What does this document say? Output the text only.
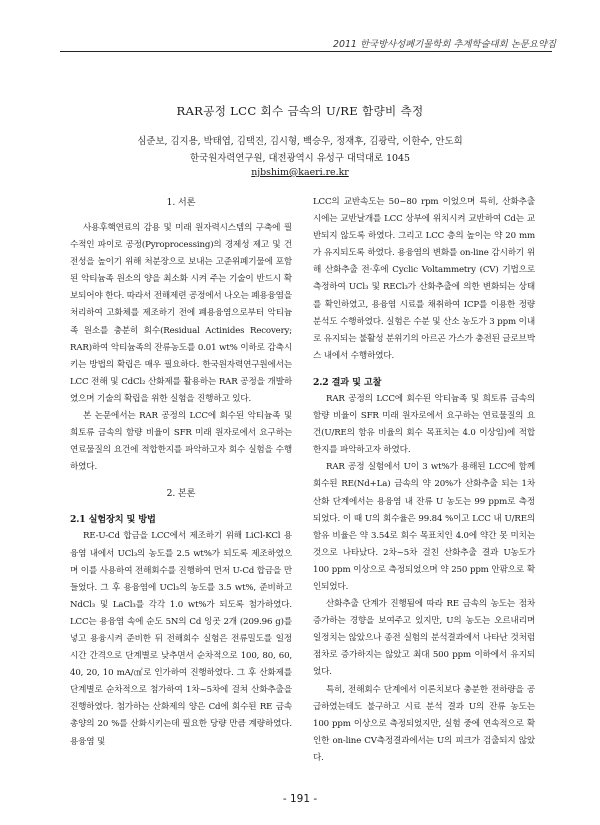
2011 한국방사성폐기물학회 추계학술대회 논문요약집
RAR공정 LCC 회수 금속의 U/RE 함량비 측정
심준보, 김지용, 박태엽, 김택진, 김시형, 백승우, 정재후, 김광락, 이한수, 안도희
한국원자력연구원, 대전광역시 유성구 대덕대로 1045
njbshim@kaeri.re.kr
1. 서론

사용후핵연료의 감용 및 미래 원자력시스템의 구축에 필수적인 파이로 공정(Pyroprocessing)의 경제성 제고 및 건전성을 높이기 위해 처분장으로 보내는 고준위폐기물에 포함된 악티늄족 원소의 양을 최소화 시켜 주는 기술이 반드시 확보되어야 한다. 따라서 전해제련 공정에서 나오는 폐용융염을 처리하여 고화체를 제조하기 전에 폐용융염으로부터 악티늄족 원소를 충분히 회수(Residual Actinides Recovery; RAR)하여 악티늄족의 잔류농도를 0.01 wt% 이하로 감축시키는 방법의 확립은 매우 필요하다. 한국원자력연구원에서는 LCC 전해 및 CdCl₂ 산화제를 활용하는 RAR 공정을 개발하였으며 기술의 확립을 위한 실험을 진행하고 있다.

본 논문에서는 RAR 공정의 LCC에 회수된 악티늄족 및 희토류 금속의 함량 비율이 SFR 미래 원자로에서 요구하는 연료물질의 요건에 적합한지를 파악하고자 회수 실험을 수행하였다.

2. 본론
2.1 실험장치 및 방법

RE-U-Cd 합금을 LCC에서 제조하기 위해 LiCl-KCl 용융염 내에서 UCl₃의 농도를 2.5 wt%가 되도록 제조하였으며 이를 사용하여 전해회수를 진행하여 먼저 U-Cd 합금을 만들었다. 그 후 용융염에 UCl₃의 농도를 3.5 wt%, 준비하고 NdCl₃ 및 LaCl₃를 각각 1.0 wt%가 되도록 첨가하였다. LCC는 용융염 속에 순도 5N의 Cd 잉곳 2개 (209.96 g)를 넣고 용융시켜 준비한 뒤 전해회수 실험은 전류밀도를 일정 시간 간격으로 단계별로 낮추면서 순차적으로 100, 80, 60, 40, 20, 10 mA/㎠로 인가하여 진행하였다. 그 후 산화제를 단계별로 순차적으로 첨가하여 1차~5차에 걸쳐 산화추출을 진행하였다. 첨가하는 산화제의 양은 Cd에 회수된 RE 금속 총양의 20 %를 산화시키는데 필요한 당량 만큼 계량하였다. 용융염 및

LCC의 교반속도는 50~80 rpm 이었으며 특히, 산화추출 시에는 교반날개를 LCC 상부에 위치시켜 교반하여 Cd는 교반되지 않도록 하였다. 그리고 LCC 층의 높이는 약 20 mm가 유지되도록 하였다. 용융염의 변화를 on-line 감시하기 위해 산화추출 전·후에 Cyclic Voltammetry (CV) 기법으로 측정하여 UCl₃ 및 RECl₃가 산화추출에 의한 변화되는 상태를 확인하였고, 용융염 시료를 채취하여 ICP를 이용한 정량 분석도 수행하였다. 실험은 수분 및 산소 농도가 3 ppm 이내로 유지되는 불활성 분위기의 아르곤 가스가 충전된 글로브박스 내에서 수행하였다.

2.2 결과 및 고찰

RAR 공정의 LCC에 회수된 악티늄족 및 희토류 금속의 함량 비율이 SFR 미래 원자로에서 요구하는 연료물질의 요건(U/RE의 함유 비율의 회수 목표치는 4.0 이상임)에 적합한지를 파악하고자 하였다.

RAR 공정 실험에서 U이 3 wt%가 용해된 LCC에 함께 회수된 RE(Nd+La) 금속의 약 20%가 산화추출 되는 1차 산화 단계에서는 용융염 내 잔류 U 농도는 99 ppm로 측정되었다. 이 때 U의 회수율은 99.84 %이고 LCC 내 U/RE의 함유 비율은 약 3.54로 회수 목표치인 4.0에 약간 못 미치는 것으로 나타났다. 2차~5차 걸친 산화추출 결과 U농도가 100 ppm 이상으로 측정되었으며 약 250 ppm 안팎으로 확인되었다.

산화추출 단계가 진행됨에 따라 RE 금속의 농도는 점차 증가하는 경향을 보여주고 있지만, U의 농도는 오르내리며 일정치는 않았으나 종전 실험의 분석결과에서 나타난 것처럼 점차로 증가하지는 않았고 최대 500 ppm 이하에서 유지되었다.

특히, 전해회수 단계에서 이론치보다 충분한 전하량을 공급하였는데도 불구하고 시료 분석 결과 U의 잔류 농도는 100 ppm 이상으로 측정되었지만, 실험 중에 연속적으로 확인한 on-line CV측정결과에서는 U의 피크가 검출되지 않았다.

- 191 -
